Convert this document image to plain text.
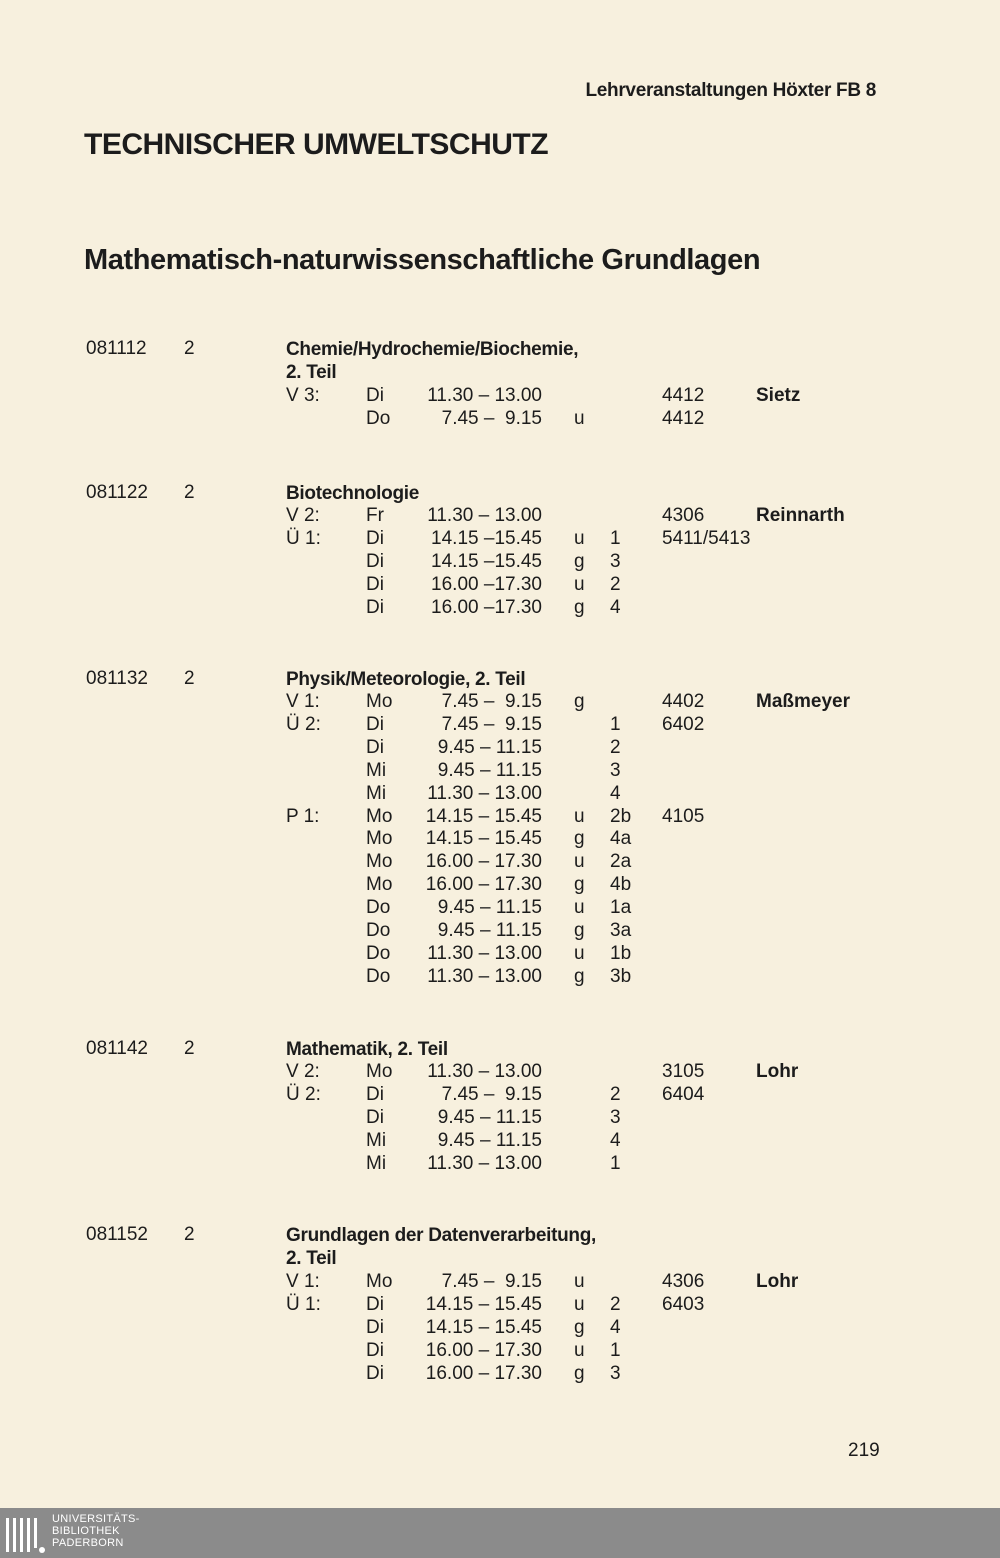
Lehrveranstaltungen Höxter FB 8
TECHNISCHER UMWELTSCHUTZ
Mathematisch-naturwissenschaftliche Grundlagen
081112 2	Chemie/Hydrochemie/Biochemie,
2. Teil
V 3: Di	11.30 – 13.00	4412	Sietz
Do	7.45 –  9.15 u	4412
081122 2	Biotechnologie
V 2: Fr	11.30 – 13.00	4306	Reinnarth
Ü 1: Di	14.15 –15.45 u 1 5411/5413
Di	14.15 –15.45 g 3
Di	16.00 –17.30 u 2
Di	16.00 –17.30 g 4
081132 2	Physik/Meteorologie, 2. Teil
V 1: Mo	7.45 –  9.15 g	4402	Maßmeyer
Ü 2: Di	7.45 –  9.15	1 6402
Di	9.45 – 11.15	2
Mi	9.45 – 11.15	3
Mi	11.30 – 13.00	4
P 1: Mo	14.15 – 15.45 u 2b 4105
Mo	14.15 – 15.45 g 4a
Mo	16.00 – 17.30 u 2a
Mo	16.00 – 17.30 g 4b
Do	9.45 – 11.15 u 1a
Do	9.45 – 11.15 g 3a
Do	11.30 – 13.00 u 1b
Do	11.30 – 13.00 g 3b
081142 2	Mathematik, 2. Teil
V 2: Mo	11.30 – 13.00	3105	Lohr
Ü 2: Di	7.45 –  9.15	2 6404
Di	9.45 – 11.15	3
Mi	9.45 – 11.15	4
Mi	11.30 – 13.00	1
081152 2	Grundlagen der Datenverarbeitung,
2. Teil
V 1: Mo	7.45 –  9.15 u	4306	Lohr
Ü 1: Di	14.15 – 15.45 u 2 6403
Di	14.15 – 15.45 g 4
Di	16.00 – 17.30 u 1
Di	16.00 – 17.30 g 3
219
UNIVERSITÄTS-
BIBLIOTHEK
PADERBORN
